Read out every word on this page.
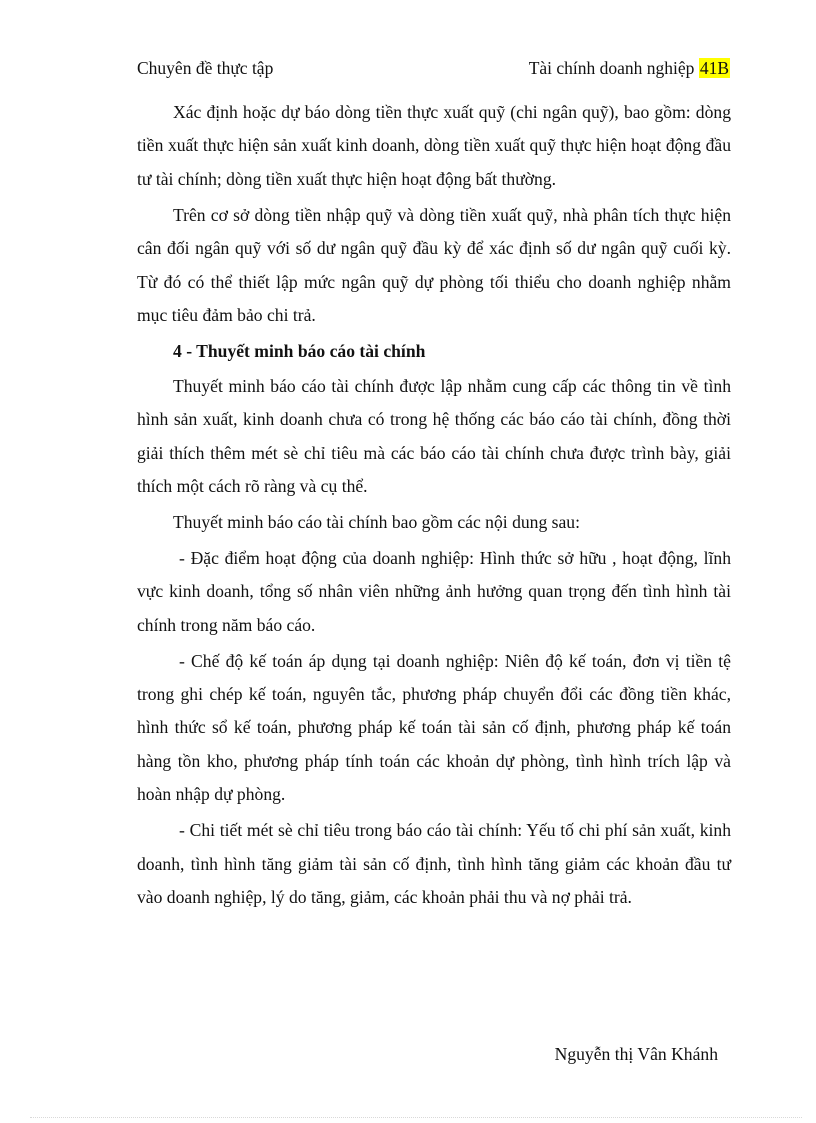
Chuyên đề thực tập	Tài chính doanh nghiệp 41B

Xác định hoặc dự báo dòng tiền thực xuất quỹ (chi ngân quỹ), bao gồm: dòng tiền xuất thực hiện sản xuất kinh doanh, dòng tiền xuất quỹ thực hiện hoạt động đầu tư tài chính; dòng tiền xuất thực hiện hoạt động bất thường.

Trên cơ sở dòng tiền nhập quỹ và dòng tiền xuất quỹ, nhà phân tích thực hiện cân đối ngân quỹ với số dư ngân quỹ đầu kỳ để xác định số dư ngân quỹ cuối kỳ. Từ đó có thể thiết lập mức ngân quỹ dự phòng tối thiểu cho doanh nghiệp nhằm mục tiêu đảm bảo chi trả.

4 - Thuyết minh báo cáo tài chính

Thuyết minh báo cáo tài chính được lập nhằm cung cấp các thông tin về tình hình sản xuất, kinh doanh chưa có trong hệ thống các báo cáo tài chính, đồng thời giải thích thêm mét sè chỉ tiêu mà các báo cáo tài chính chưa được trình bày, giải thích một cách rõ ràng và cụ thể.

Thuyết minh báo cáo tài chính bao gồm các nội dung sau:

- Đặc điểm hoạt động của doanh nghiệp: Hình thức sở hữu , hoạt động, lĩnh vực kinh doanh, tổng số nhân viên những ảnh hưởng quan trọng đến tình hình tài chính trong năm báo cáo.

- Chế độ kế toán áp dụng tại doanh nghiệp: Niên độ kế toán, đơn vị tiền tệ trong ghi chép kế toán, nguyên tắc, phương pháp chuyển đổi các đồng tiền khác, hình thức sổ kế toán, phương pháp kế toán tài sản cố định, phương pháp kế toán hàng tồn kho, phương pháp tính toán các khoản dự phòng, tình hình trích lập và hoàn nhập dự phòng.

- Chi tiết mét sè chỉ tiêu trong báo cáo tài chính: Yếu tố chi phí sản xuất, kinh doanh, tình hình tăng giảm tài sản cố định, tình hình tăng giảm các khoản đầu tư vào doanh nghiệp, lý do tăng, giảm, các khoản phải thu và nợ phải trả.

Nguyễn thị Vân Khánh
